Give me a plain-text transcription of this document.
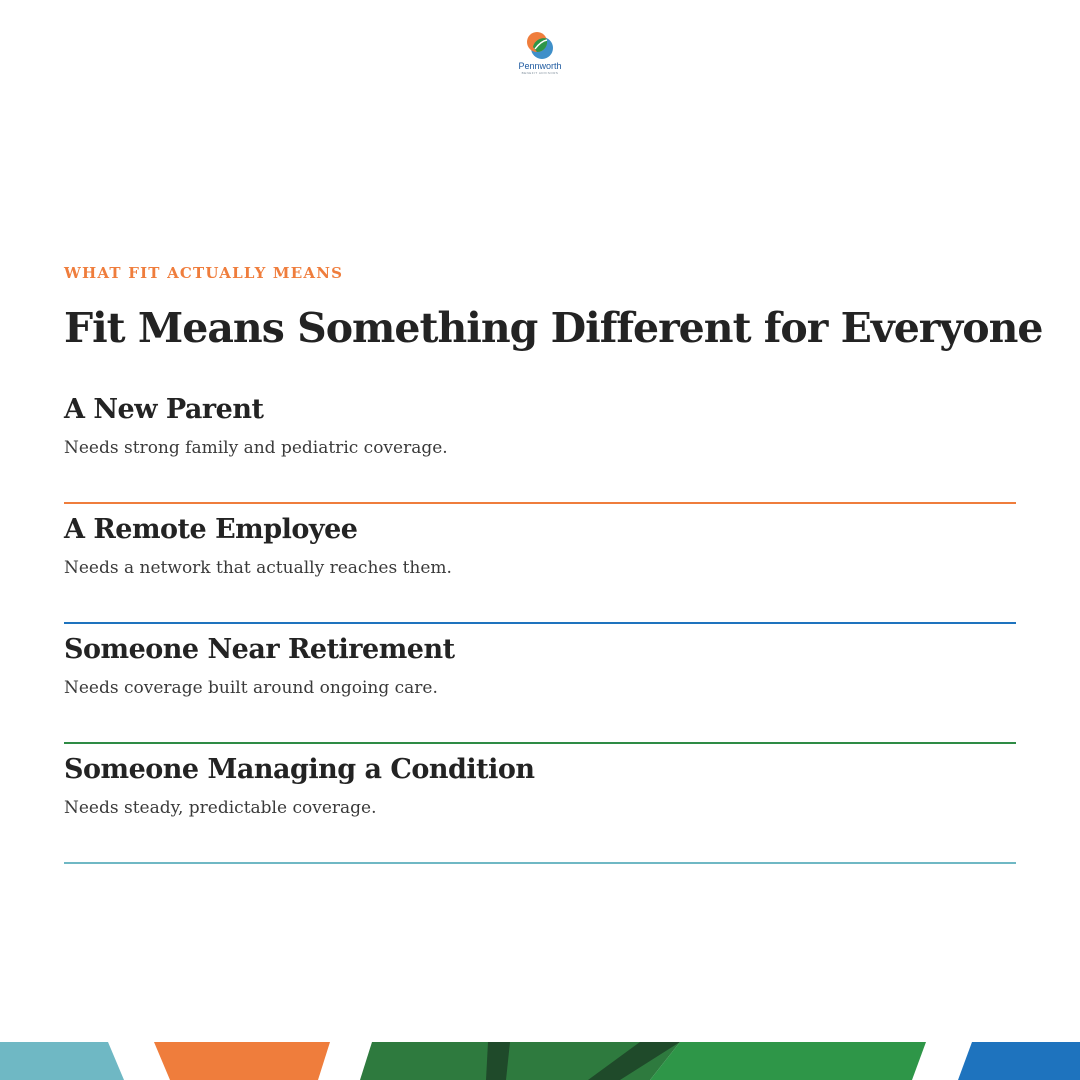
Pennworth
BENEFIT ADVISORS

WHAT FIT ACTUALLY MEANS

Fit Means Something Different for Everyone
A New Parent

Needs strong family and pediatric coverage.

A Remote Employee

Needs a network that actually reaches them.

Someone Near Retirement

Needs coverage built around ongoing care.

Someone Managing a Condition

Needs steady, predictable coverage.
